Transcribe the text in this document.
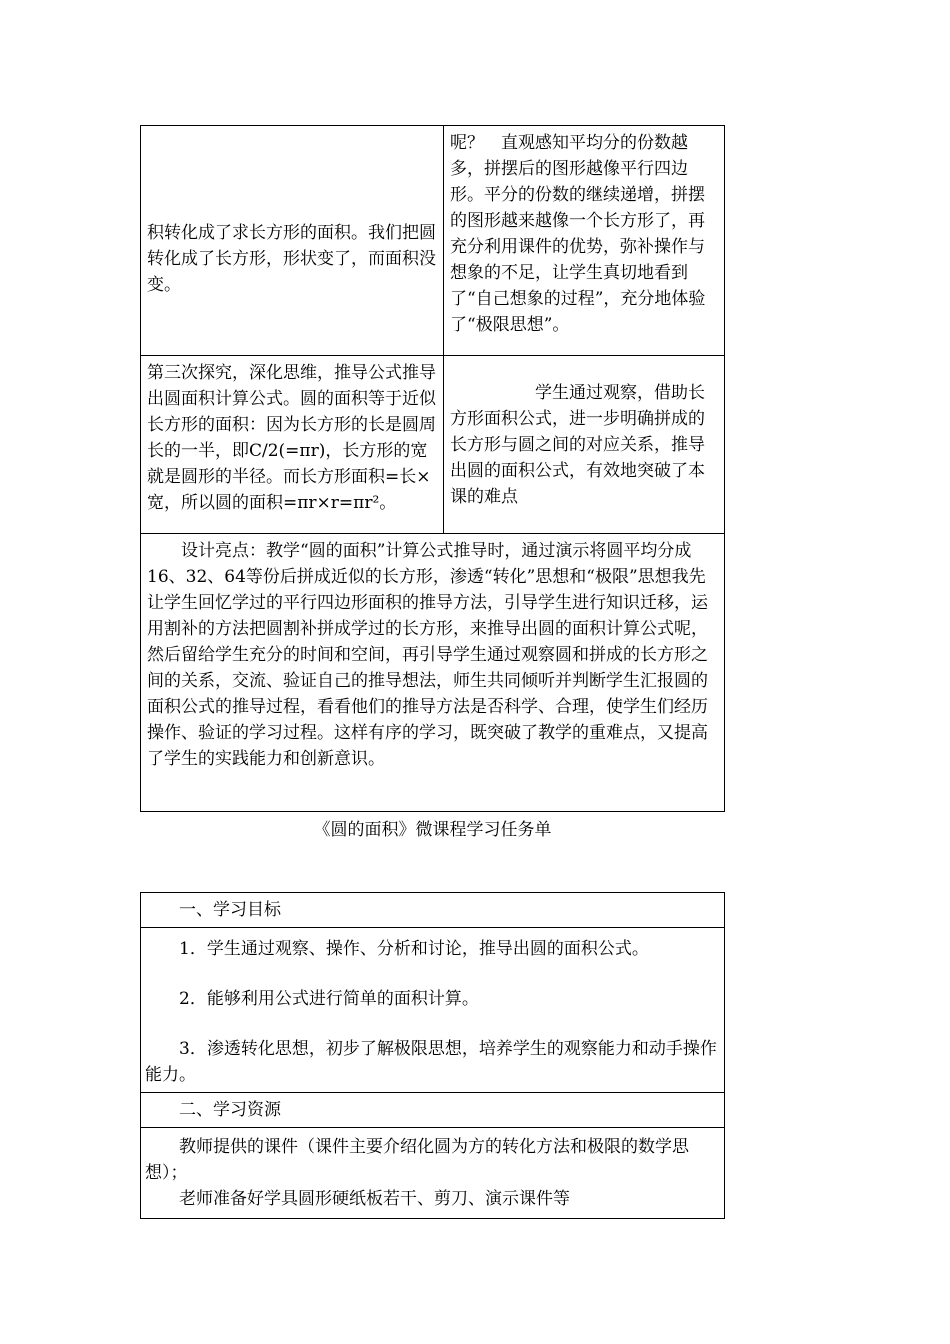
积转化成了求长方形的面积。我们把圆转化成了长方形，形状变了，而面积没变。	呢？　直观感知平均分的份数越多，拼摆后的图形越像平行四边形。平分的份数的继续递增，拼摆的图形越来越像一个长方形了，再充分利用课件的优势，弥补操作与想象的不足，让学生真切地看到了“自己想象的过程”，充分地体验了“极限思想”。

第三次探究，深化思维，推导公式推导出圆面积计算公式。圆的面积等于近似长方形的面积：因为长方形的长是圆周长的一半，即C/2(=πr)，长方形的宽就是圆形的半径。而长方形面积=长×宽，所以圆的面积=πr×r=πr²。	学生通过观察，借助长方形面积公式，进一步明确拼成的长方形与圆之间的对应关系，推导出圆的面积公式，有效地突破了本课的难点

设计亮点：教学“圆的面积”计算公式推导时，通过演示将圆平均分成16、32、64等份后拼成近似的长方形，渗透“转化”思想和“极限”思想我先让学生回忆学过的平行四边形面积的推导方法，引导学生进行知识迁移，运用割补的方法把圆割补拼成学过的长方形，来推导出圆的面积计算公式呢，然后留给学生充分的时间和空间，再引导学生通过观察圆和拼成的长方形之间的关系，交流、验证自己的推导想法，师生共同倾听并判断学生汇报圆的面积公式的推导过程，看看他们的推导方法是否科学、合理，使学生们经历操作、验证的学习过程。这样有序的学习，既突破了教学的重难点，又提高了学生的实践能力和创新意识。	

《圆的面积》微课程学习任务单

一、学习目标

1．学生通过观察、操作、分析和讨论，推导出圆的面积公式。

2．能够利用公式进行简单的面积计算。

3．渗透转化思想，初步了解极限思想，培养学生的观察能力和动手操作能力。

二、学习资源

教师提供的课件（课件主要介绍化圆为方的转化方法和极限的数学思想）；

老师准备好学具圆形硬纸板若干、剪刀、演示课件等
